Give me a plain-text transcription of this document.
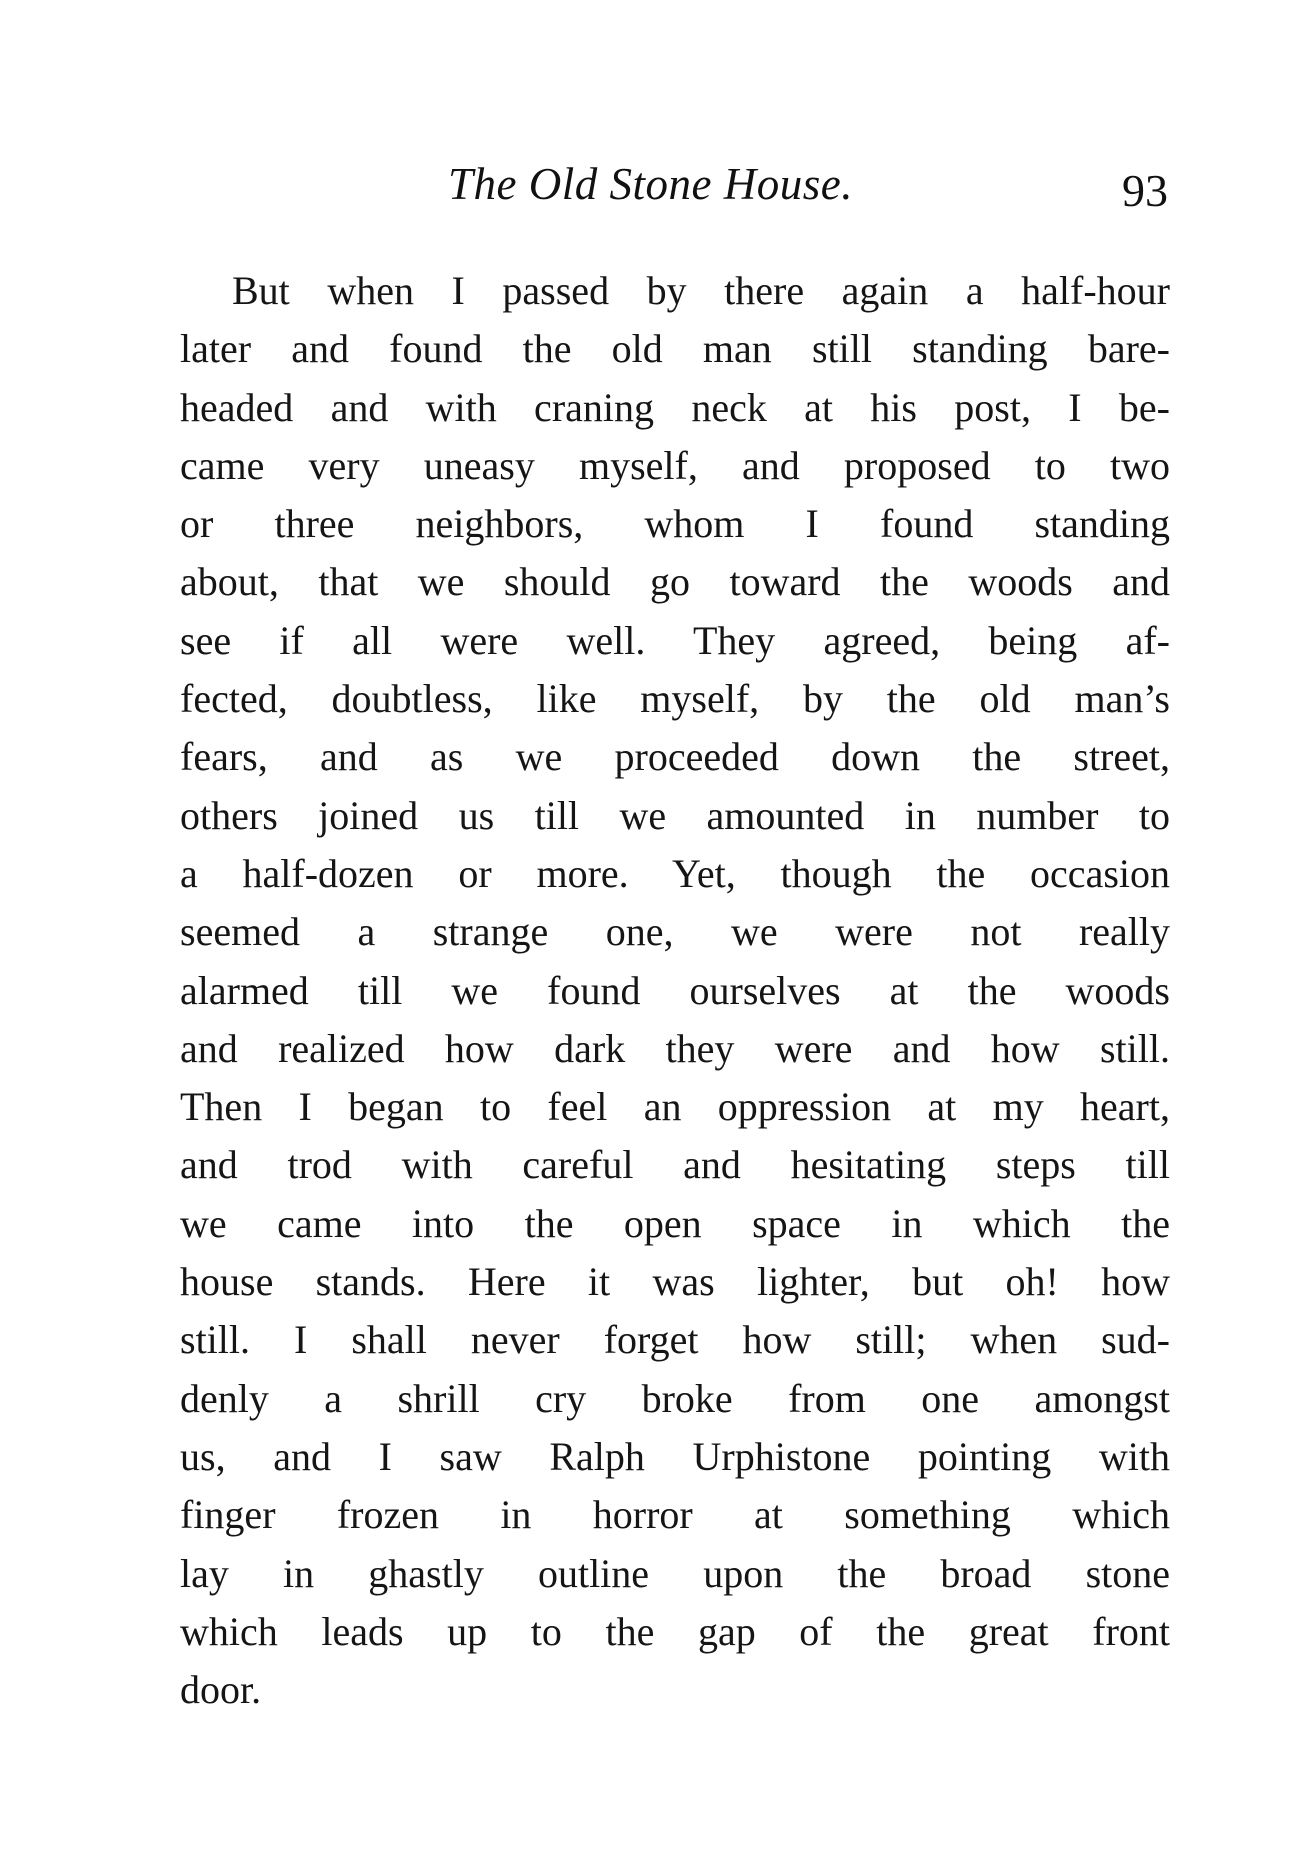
The Old Stone House.	93
But when I passed by there again a half-hour
later and found the old man still standing bare-
headed and with craning neck at his post, I be-
came very uneasy myself, and proposed to two
or three neighbors, whom I found standing
about, that we should go toward the woods and
see if all were well. They agreed, being af-
fected, doubtless, like myself, by the old man’s
fears, and as we proceeded down the street,
others joined us till we amounted in number to
a half-dozen or more. Yet, though the occasion
seemed a strange one, we were not really
alarmed till we found ourselves at the woods
and realized how dark they were and how still.
Then I began to feel an oppression at my heart,
and trod with careful and hesitating steps till
we came into the open space in which the
house stands. Here it was lighter, but oh! how
still. I shall never forget how still; when sud-
denly a shrill cry broke from one amongst
us, and I saw Ralph Urphistone pointing with
finger frozen in horror at something which
lay in ghastly outline upon the broad stone
which leads up to the gap of the great front
door.
